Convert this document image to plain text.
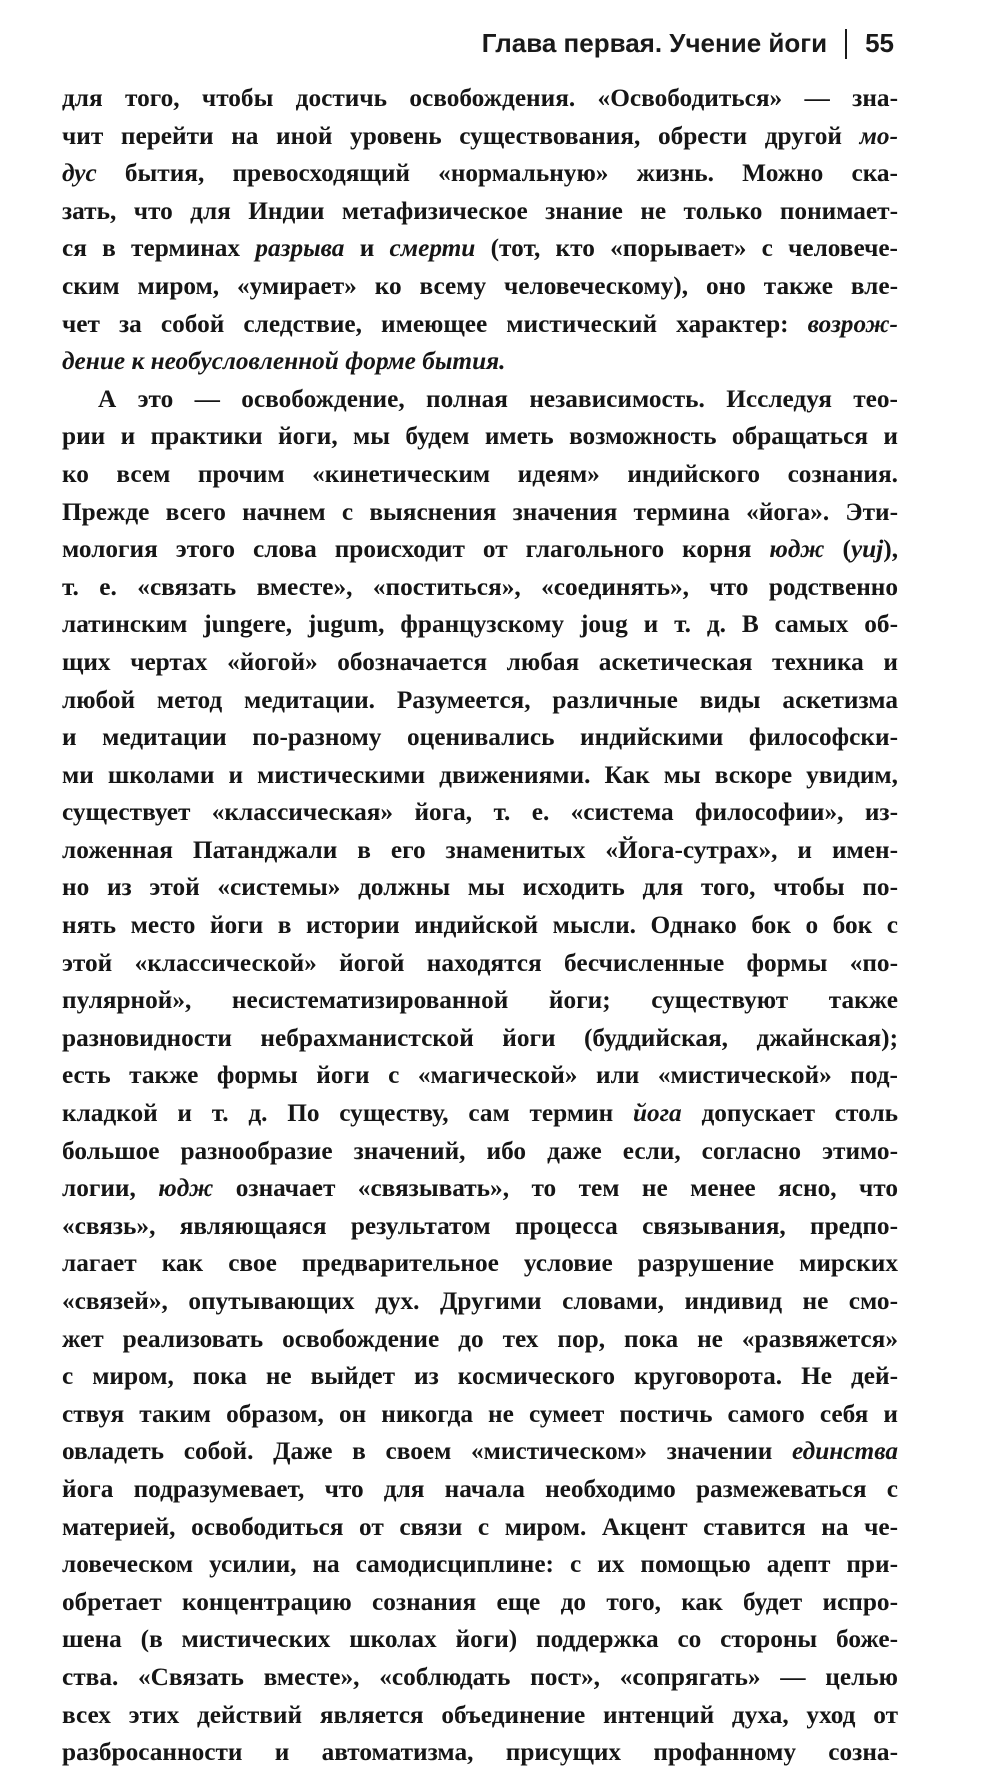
Глава первая. Учение йоги 55
для того, чтобы достичь освобождения. «Освободиться» — зна-
чит перейти на иной уровень существования, обрести другой мо-
дус бытия, превосходящий «нормальную» жизнь. Можно ска-
зать, что для Индии метафизическое знание не только понимает-
ся в терминах разрыва и смерти (тот, кто «порывает» с человече-
ским миром, «умирает» ко всему человеческому), оно также вле-
чет за собой следствие, имеющее мистический характер: возрож-
дение к необусловленной форме бытия.
А это — освобождение, полная независимость. Исследуя тео-
рии и практики йоги, мы будем иметь возможность обращаться и
ко всем прочим «кинетическим идеям» индийского сознания.
Прежде всего начнем с выяснения значения термина «йога». Эти-
мология этого слова происходит от глагольного корня юдж (yuj),
т. е. «связать вместе», «поститься», «соединять», что родственно
латинским jungere, jugum, французскому joug и т. д. В самых об-
щих чертах «йогой» обозначается любая аскетическая техника и
любой метод медитации. Разумеется, различные виды аскетизма
и медитации по-разному оценивались индийскими философски-
ми школами и мистическими движениями. Как мы вскоре увидим,
существует «классическая» йога, т. е. «система философии», из-
ложенная Патанджали в его знаменитых «Йога-сутрах», и имен-
но из этой «системы» должны мы исходить для того, чтобы по-
нять место йоги в истории индийской мысли. Однако бок о бок с
этой «классической» йогой находятся бесчисленные формы «по-
пулярной», несистематизированной йоги; существуют также
разновидности небрахманистской йоги (буддийская, джайнская);
есть также формы йоги с «магической» или «мистической» под-
кладкой и т. д. По существу, сам термин йога допускает столь
большое разнообразие значений, ибо даже если, согласно этимо-
логии, юдж означает «связывать», то тем не менее ясно, что
«связь», являющаяся результатом процесса связывания, предпо-
лагает как свое предварительное условие разрушение мирских
«связей», опутывающих дух. Другими словами, индивид не смо-
жет реализовать освобождение до тех пор, пока не «развяжется»
с миром, пока не выйдет из космического круговорота. Не дей-
ствуя таким образом, он никогда не сумеет постичь самого себя и
овладеть собой. Даже в своем «мистическом» значении единства
йога подразумевает, что для начала необходимо размежеваться с
материей, освободиться от связи с миром. Акцент ставится на че-
ловеческом усилии, на самодисциплине: с их помощью адепт при-
обретает концентрацию сознания еще до того, как будет испро-
шена (в мистических школах йоги) поддержка со стороны боже-
ства. «Связать вместе», «соблюдать пост», «сопрягать» — целью
всех этих действий является объединение интенций духа, уход от
разбросанности и автоматизма, присущих профанному созна-
